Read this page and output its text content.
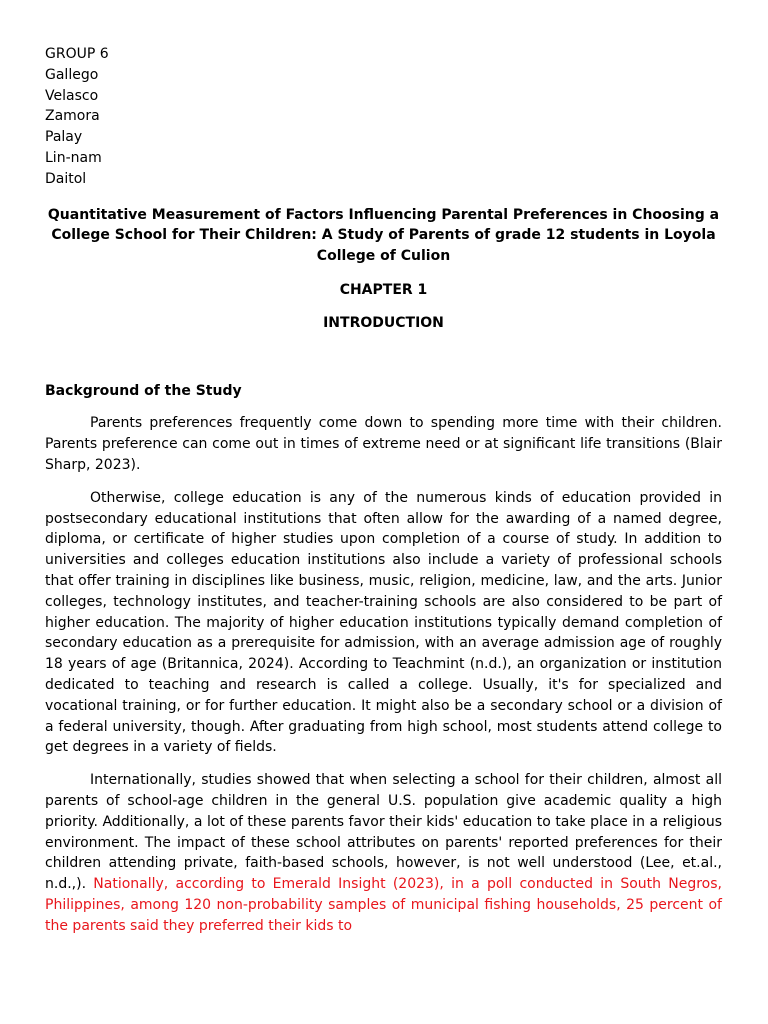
GROUP 6
Gallego
Velasco
Zamora
Palay
Lin-nam
Daitol
Quantitative Measurement of Factors Influencing Parental Preferences in Choosing a College School for Their Children: A Study of Parents of grade 12 students in Loyola College of Culion
CHAPTER 1
INTRODUCTION
Background of the Study

Parents preferences frequently come down to spending more time with their children. Parents preference can come out in times of extreme need or at significant life transitions (Blair Sharp, 2023).

Otherwise, college education is any of the numerous kinds of education provided in postsecondary educational institutions that often allow for the awarding of a named degree, diploma, or certificate of higher studies upon completion of a course of study. In addition to universities and colleges education institutions also include a variety of professional schools that offer training in disciplines like business, music, religion, medicine, law, and the arts. Junior colleges, technology institutes, and teacher-training schools are also considered to be part of higher education. The majority of higher education institutions typically demand completion of secondary education as a prerequisite for admission, with an average admission age of roughly 18 years of age (Britannica, 2024). According to Teachmint (n.d.), an organization or institution dedicated to teaching and research is called a college. Usually, it's for specialized and vocational training, or for further education. It might also be a secondary school or a division of a federal university, though. After graduating from high school, most students attend college to get degrees in a variety of fields.

Internationally, studies showed that when selecting a school for their children, almost all parents of school-age children in the general U.S. population give academic quality a high priority. Additionally, a lot of these parents favor their kids' education to take place in a religious environment. The impact of these school attributes on parents' reported preferences for their children attending private, faith-based schools, however, is not well understood (Lee, et.al., n.d.,). Nationally, according to Emerald Insight (2023), in a poll conducted in South Negros, Philippines, among 120 non-probability samples of municipal fishing households, 25 percent of the parents said they preferred their kids to
